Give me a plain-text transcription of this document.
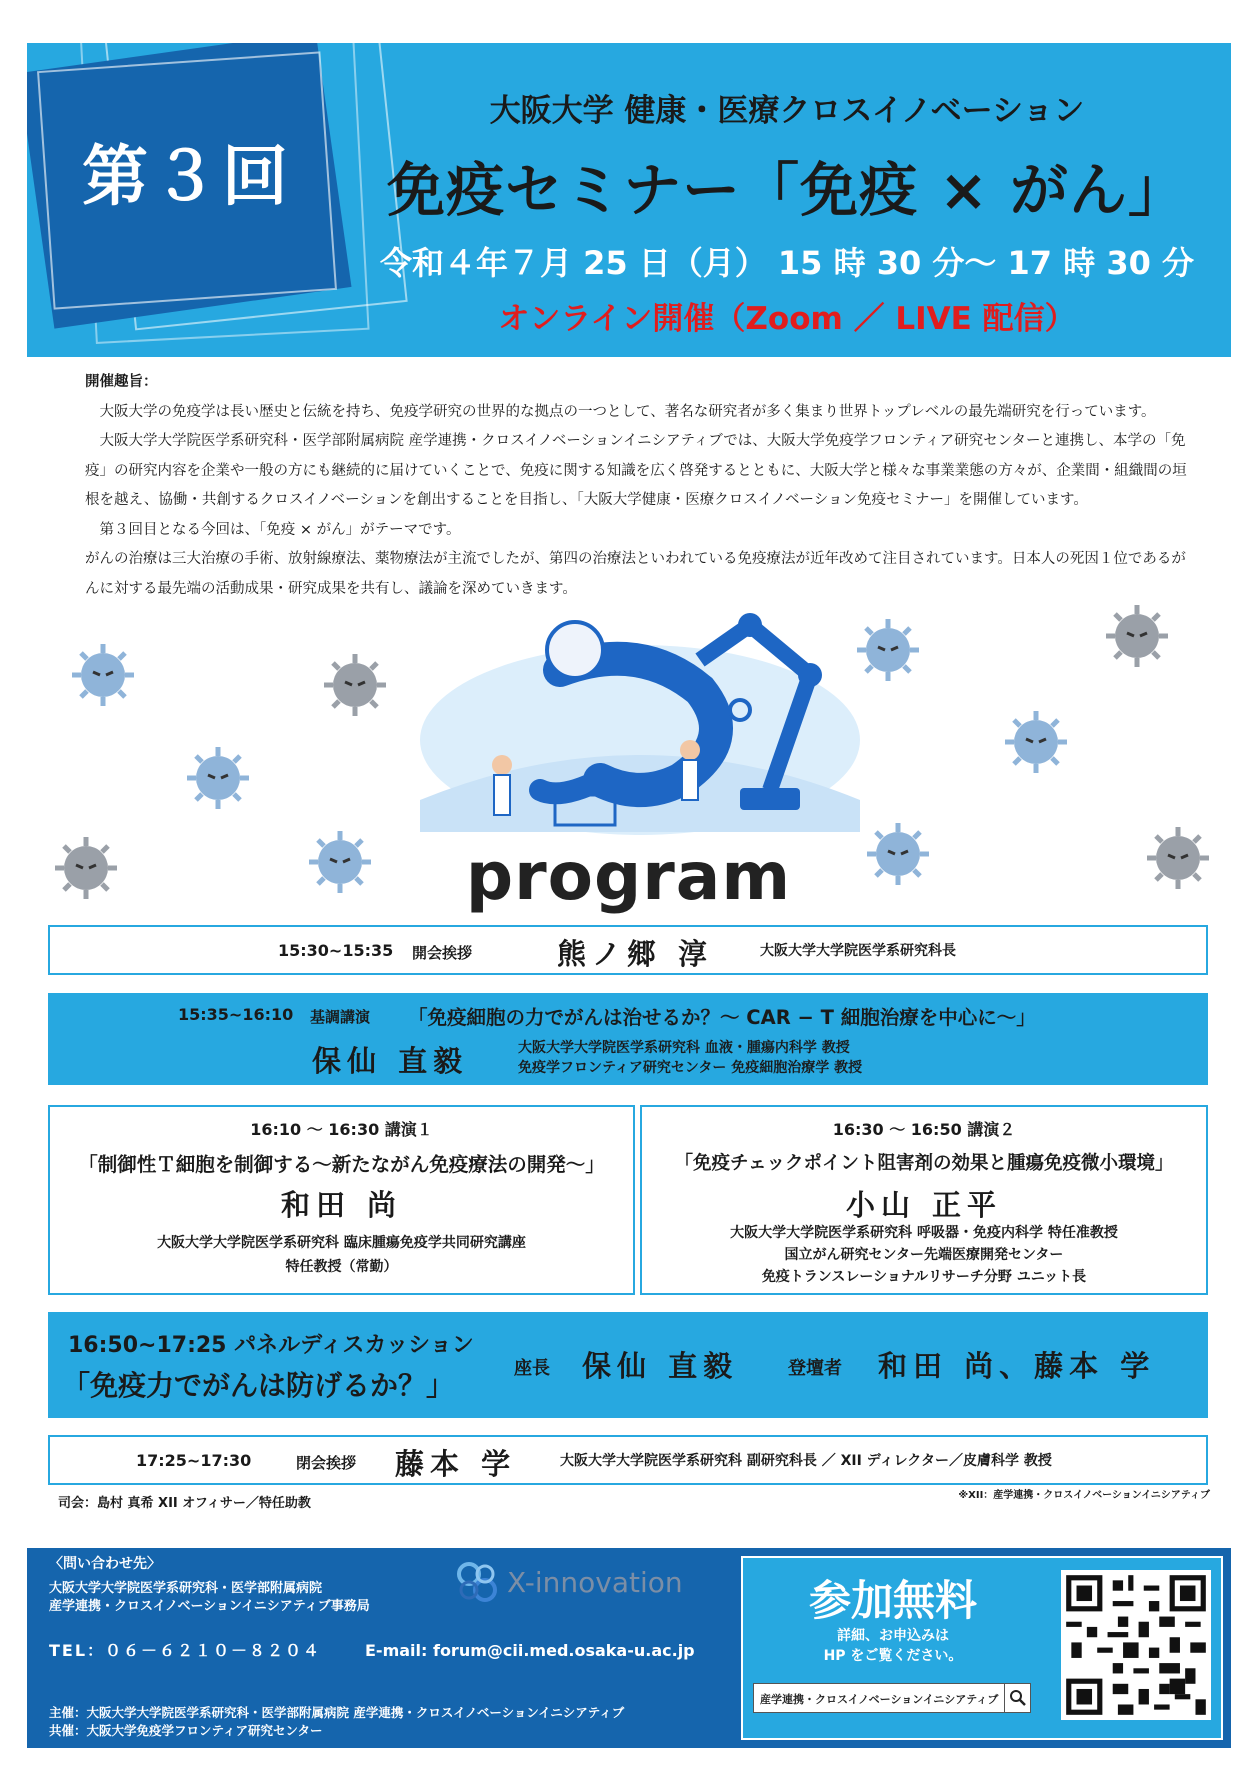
第３回
大阪大学 健康・医療クロスイノベーション
免疫セミナー「免疫 × がん」
令和４年７月 25 日（月） 15 時 30 分～ 17 時 30 分
オンライン開催（Zoom ／ LIVE 配信）

開催趣旨：

大阪大学の免疫学は長い歴史と伝統を持ち、免疫学研究の世界的な拠点の一つとして、著名な研究者が多く集まり世界トップレベルの最先端研究を行っています。

大阪大学大学院医学系研究科・医学部附属病院 産学連携・クロスイノベーションイニシアティブでは、大阪大学免疫学フロンティア研究センターと連携し、本学の「免疫」の研究内容を企業や一般の方にも継続的に届けていくことで、免疫に関する知識を広く啓発するとともに、大阪大学と様々な事業業態の方々が、企業間・組織間の垣根を越え、協働・共創するクロスイノベーションを創出することを目指し、「大阪大学健康・医療クロスイノベーション免疫セミナー」を開催しています。

第３回目となる今回は、「免疫 × がん」がテーマです。

がんの治療は三大治療の手術、放射線療法、薬物療法が主流でしたが、第四の治療法といわれている免疫療法が近年改めて注目されています。日本人の死因１位であるがんに対する最先端の活動成果・研究成果を共有し、議論を深めていきます。

program
15:30~15:35 開会挨拶	熊ノ郷 淳	大阪大学大学院医学系研究科長
15:35~16:10 基調講演 「免疫細胞の力でがんは治せるか？～ CAR − T 細胞治療を中心に～」
保仙 直毅	大阪大学大学院医学系研究科 血液・腫瘍内科学 教授
免疫学フロンティア研究センター 免疫細胞治療学 教授
16:10 ～ 16:30 講演１
「制御性Ｔ細胞を制御する～新たながん免疫療法の開発～」
和田 尚
大阪大学大学院医学系研究科 臨床腫瘍免疫学共同研究講座
特任教授（常勤）
16:30 ～ 16:50 講演２
「免疫チェックポイント阻害剤の効果と腫瘍免疫微小環境」
小山 正平
大阪大学大学院医学系研究科 呼吸器・免疫内科学 特任准教授
国立がん研究センター先端医療開発センター
免疫トランスレーショナルリサーチ分野 ユニット長
16:50~17:25 パネルディスカッション
「免疫力でがんは防げるか？」
座長 保仙 直毅	登壇者 和田 尚、藤本 学
17:25~17:30	閉会挨拶 藤本 学	大阪大学大学院医学系研究科 副研究科長 ／ XII ディレクター／皮膚科学 教授
司会：島村 真希 XII オフィサー／特任助教
※XII：産学連携・クロスイノベーションイニシアティブ
〈問い合わせ先〉
大阪大学大学院医学系研究科・医学部附属病院
産学連携・クロスイノベーションイニシアティブ事務局
X-innovation
TEL：０６－６２１０－８２０４	E-mail: forum@cii.med.osaka-u.ac.jp
主催：大阪大学大学院医学系研究科・医学部附属病院 産学連携・クロスイノベーションイニシアティブ
共催：大阪大学免疫学フロンティア研究センター
参加無料
詳細、お申込みは
HP をご覧ください。
産学連携・クロスイノベーションイニシアティブ
